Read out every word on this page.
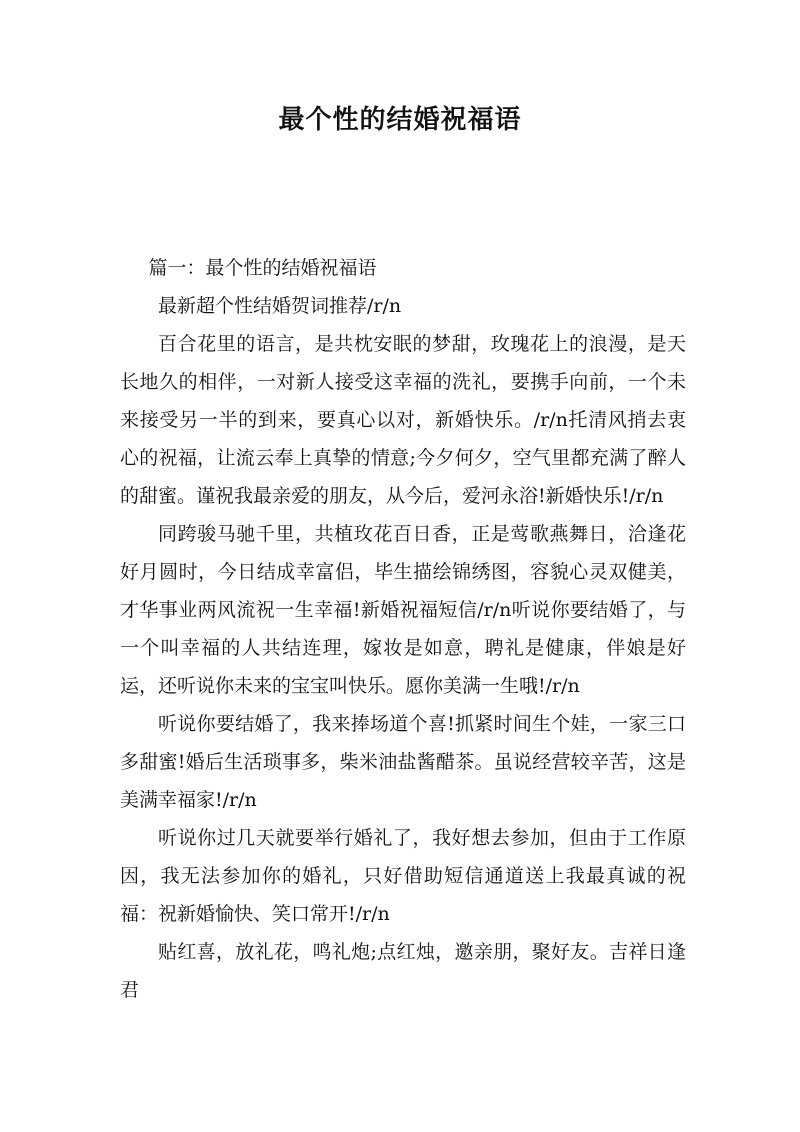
最个性的结婚祝福语

篇一：最个性的结婚祝福语

最新超个性结婚贺词推荐/r/n

百合花里的语言，是共枕安眠的梦甜，玫瑰花上的浪漫，是天长地久的相伴，一对新人接受这幸福的洗礼，要携手向前，一个未来接受另一半的到来，要真心以对，新婚快乐。/r/n托清风捎去衷心的祝福，让流云奉上真挚的情意;今夕何夕，空气里都充满了醉人的甜蜜。谨祝我最亲爱的朋友，从今后，爱河永浴!新婚快乐!/r/n

同跨骏马驰千里，共植玫花百日香，正是莺歌燕舞日，洽逢花好月圆时，今日结成幸富侣，毕生描绘锦绣图，容貌心灵双健美，才华事业两风流祝一生幸福!新婚祝福短信/r/n听说你要结婚了，与一个叫幸福的人共结连理，嫁妆是如意，聘礼是健康，伴娘是好运，还听说你未来的宝宝叫快乐。愿你美满一生哦!/r/n

听说你要结婚了，我来捧场道个喜!抓紧时间生个娃，一家三口多甜蜜!婚后生活琐事多，柴米油盐酱醋茶。虽说经营较辛苦，这是美满幸福家!/r/n

听说你过几天就要举行婚礼了，我好想去参加，但由于工作原因，我无法参加你的婚礼，只好借助短信通道送上我最真诚的祝福：祝新婚愉快、笑口常开!/r/n

贴红喜，放礼花，鸣礼炮;点红烛，邀亲朋，聚好友。吉祥日逢君
